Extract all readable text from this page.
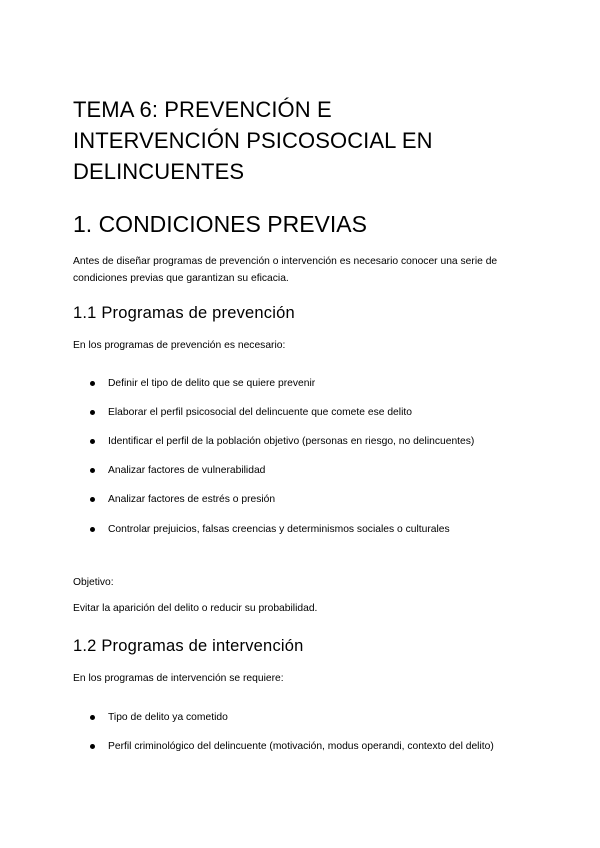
TEMA 6: PREVENCIÓN E
INTERVENCIÓN PSICOSOCIAL EN
DELINCUENTES
1. CONDICIONES PREVIAS

Antes de diseñar programas de prevención o intervención es necesario conocer una serie de condiciones previas que garantizan su eficacia.

1.1 Programas de prevención

En los programas de prevención es necesario:

Definir el tipo de delito que se quiere prevenir
Elaborar el perfil psicosocial del delincuente que comete ese delito
Identificar el perfil de la población objetivo (personas en riesgo, no delincuentes)
Analizar factores de vulnerabilidad
Analizar factores de estrés o presión
Controlar prejuicios, falsas creencias y determinismos sociales o culturales

Objetivo:

Evitar la aparición del delito o reducir su probabilidad.

1.2 Programas de intervención

En los programas de intervención se requiere:

Tipo de delito ya cometido
Perfil criminológico del delincuente (motivación, modus operandi, contexto del delito)
